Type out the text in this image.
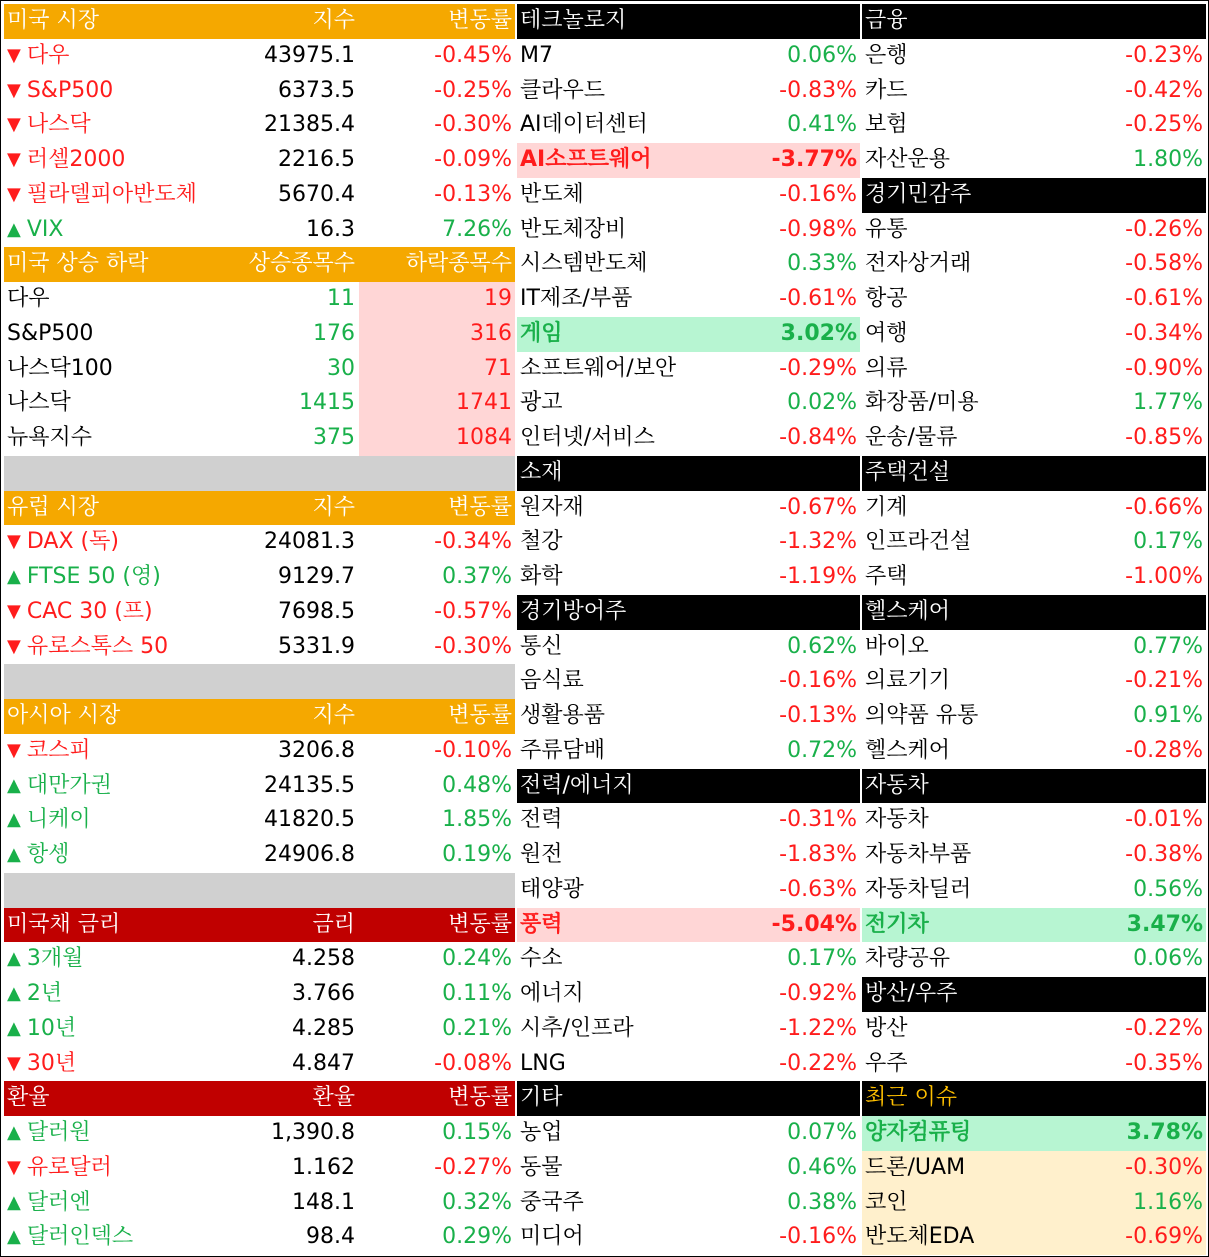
미국 시장	지수	변동률
▼ 다우	43975.1	-0.45%
▼ S&P500	6373.5	-0.25%
▼ 나스닥	21385.4	-0.30%
▼ 러셀2000	2216.5	-0.09%
▼ 필라델피아반도체	5670.4	-0.13%
▲ VIX	16.3	7.26%
미국 상승 하락	상승종목수	하락종목수
다우	11	19
S&P500	176	316
나스닥100	30	71
나스닥	1415	1741
뉴욕지수	375	1084
유럽 시장	지수	변동률
▼ DAX (독)	24081.3	-0.34%
▲ FTSE 50 (영)	9129.7	0.37%
▼ CAC 30 (프)	7698.5	-0.57%
▼ 유로스톡스 50	5331.9	-0.30%
아시아 시장	지수	변동률
▼ 코스피	3206.8	-0.10%
▲ 대만가권	24135.5	0.48%
▲ 니케이	41820.5	1.85%
▲ 항셍	24906.8	0.19%
미국채 금리	금리	변동률
▲ 3개월	4.258	0.24%
▲ 2년	3.766	0.11%
▲ 10년	4.285	0.21%
▼ 30년	4.847	-0.08%
환율	환율	변동률
▲ 달러원	1,390.8	0.15%
▼ 유로달러	1.162	-0.27%
▲ 달러엔	148.1	0.32%
▲ 달러인덱스	98.4	0.29%
테크놀로지
M7	0.06%
클라우드	-0.83%
AI데이터센터	0.41%
AI소프트웨어	-3.77%
반도체	-0.16%
반도체장비	-0.98%
시스템반도체	0.33%
IT제조/부품	-0.61%
게임	3.02%
소프트웨어/보안	-0.29%
광고	0.02%
인터넷/서비스	-0.84%
소재
원자재	-0.67%
철강	-1.32%
화학	-1.19%
경기방어주
통신	0.62%
음식료	-0.16%
생활용품	-0.13%
주류담배	0.72%
전력/에너지
전력	-0.31%
원전	-1.83%
태양광	-0.63%
풍력	-5.04%
수소	0.17%
에너지	-0.92%
시추/인프라	-1.22%
LNG	-0.22%
기타
농업	0.07%
동물	0.46%
중국주	0.38%
미디어	-0.16%
금융
은행	-0.23%
카드	-0.42%
보험	-0.25%
자산운용	1.80%
경기민감주
유통	-0.26%
전자상거래	-0.58%
항공	-0.61%
여행	-0.34%
의류	-0.90%
화장품/미용	1.77%
운송/물류	-0.85%
주택건설
기계	-0.66%
인프라건설	0.17%
주택	-1.00%
헬스케어
바이오	0.77%
의료기기	-0.21%
의약품 유통	0.91%
헬스케어	-0.28%
자동차
자동차	-0.01%
자동차부품	-0.38%
자동차딜러	0.56%
전기차	3.47%
차량공유	0.06%
방산/우주
방산	-0.22%
우주	-0.35%
최근 이슈
양자컴퓨팅	3.78%
드론/UAM	-0.30%
코인	1.16%
반도체EDA	-0.69%
